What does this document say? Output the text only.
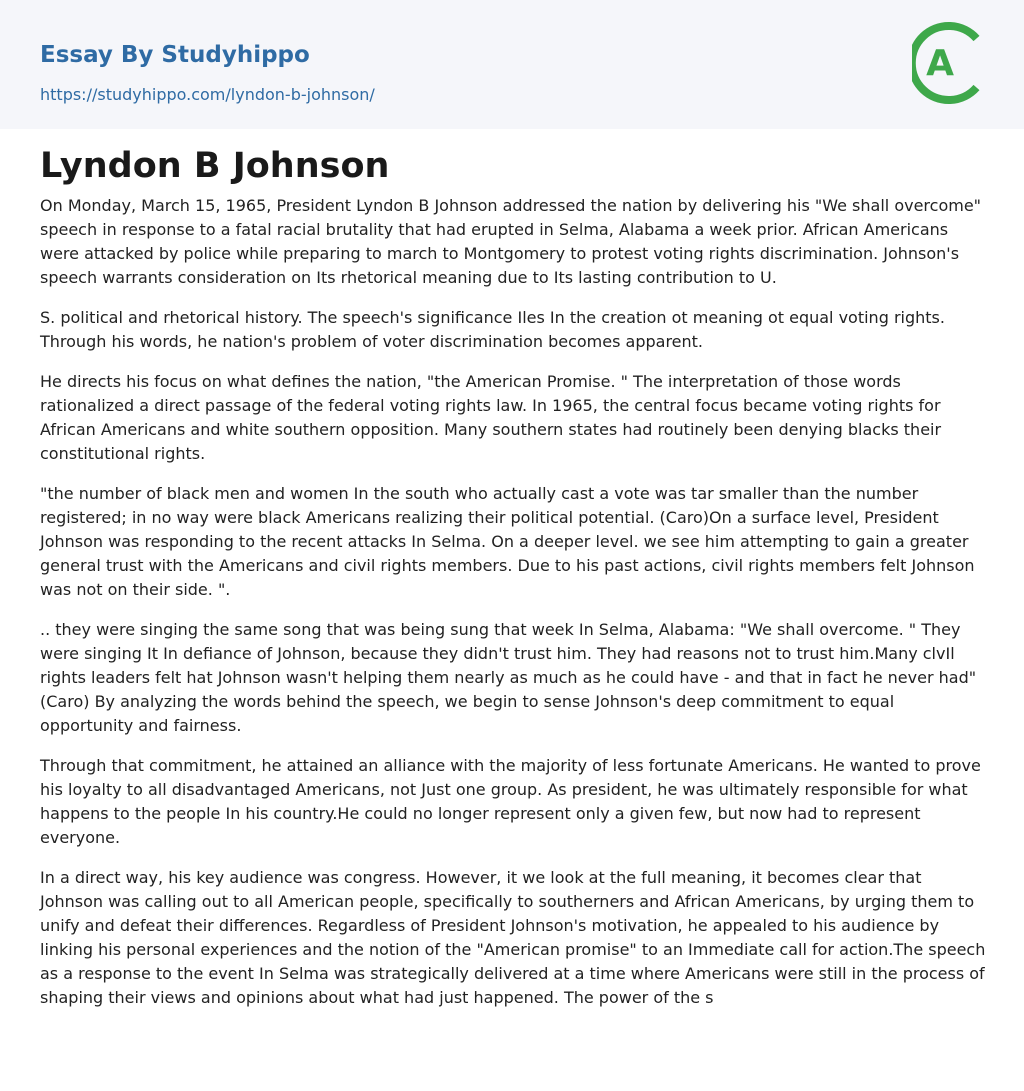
Essay By Studyhippo
https://studyhippo.com/lyndon-b-johnson/
A
Lyndon B Johnson

On Monday, March 15, 1965, President Lyndon B Johnson addressed the nation by delivering his "We shall overcome" speech in response to a fatal racial brutality that had erupted in Selma, Alabama a week prior. African Americans were attacked by police while preparing to march to Montgomery to protest voting rights discrimination. Johnson's speech warrants consideration on Its rhetorical meaning due to Its lasting contribution to U.

S. political and rhetorical history. The speech's significance Iles In the creation ot meaning ot equal voting rights. Through his words, he nation's problem of voter discrimination becomes apparent.

He directs his focus on what defines the nation, "the American Promise. " The interpretation of those words rationalized a direct passage of the federal voting rights law. In 1965, the central focus became voting rights for African Americans and white southern opposition. Many southern states had routinely been denying blacks their constitutional rights.

"the number of black men and women In the south who actually cast a vote was tar smaller than the number registered; in no way were black Americans realizing their political potential. (Caro)On a surface level, President Johnson was responding to the recent attacks In Selma. On a deeper level. we see him attempting to gain a greater general trust with the Americans and civil rights members. Due to his past actions, civil rights members felt Johnson was not on their side. ".

.. they were singing the same song that was being sung that week In Selma, Alabama: "We shall overcome. " They were singing It In defiance of Johnson, because they didn't trust him. They had reasons not to trust him.Many clvIl rights leaders felt hat Johnson wasn't helping them nearly as much as he could have - and that in fact he never had" (Caro) By analyzing the words behind the speech, we begin to sense Johnson's deep commitment to equal opportunity and fairness.

Through that commitment, he attained an alliance with the majority of less fortunate Americans. He wanted to prove his loyalty to all disadvantaged Americans, not Just one group. As president, he was ultimately responsible for what happens to the people In his country.He could no longer represent only a given few, but now had to represent everyone.

In a direct way, his key audience was congress. However, it we look at the full meaning, it becomes clear that Johnson was calling out to all American people, specifically to southerners and African Americans, by urging them to unify and defeat their differences. Regardless of President Johnson's motivation, he appealed to his audience by linking his personal experiences and the notion of the "American promise" to an Immediate call for action.The speech as a response to the event In Selma was strategically delivered at a time where Americans were still in the process of shaping their views and opinions about what had just happened. The power of the s
